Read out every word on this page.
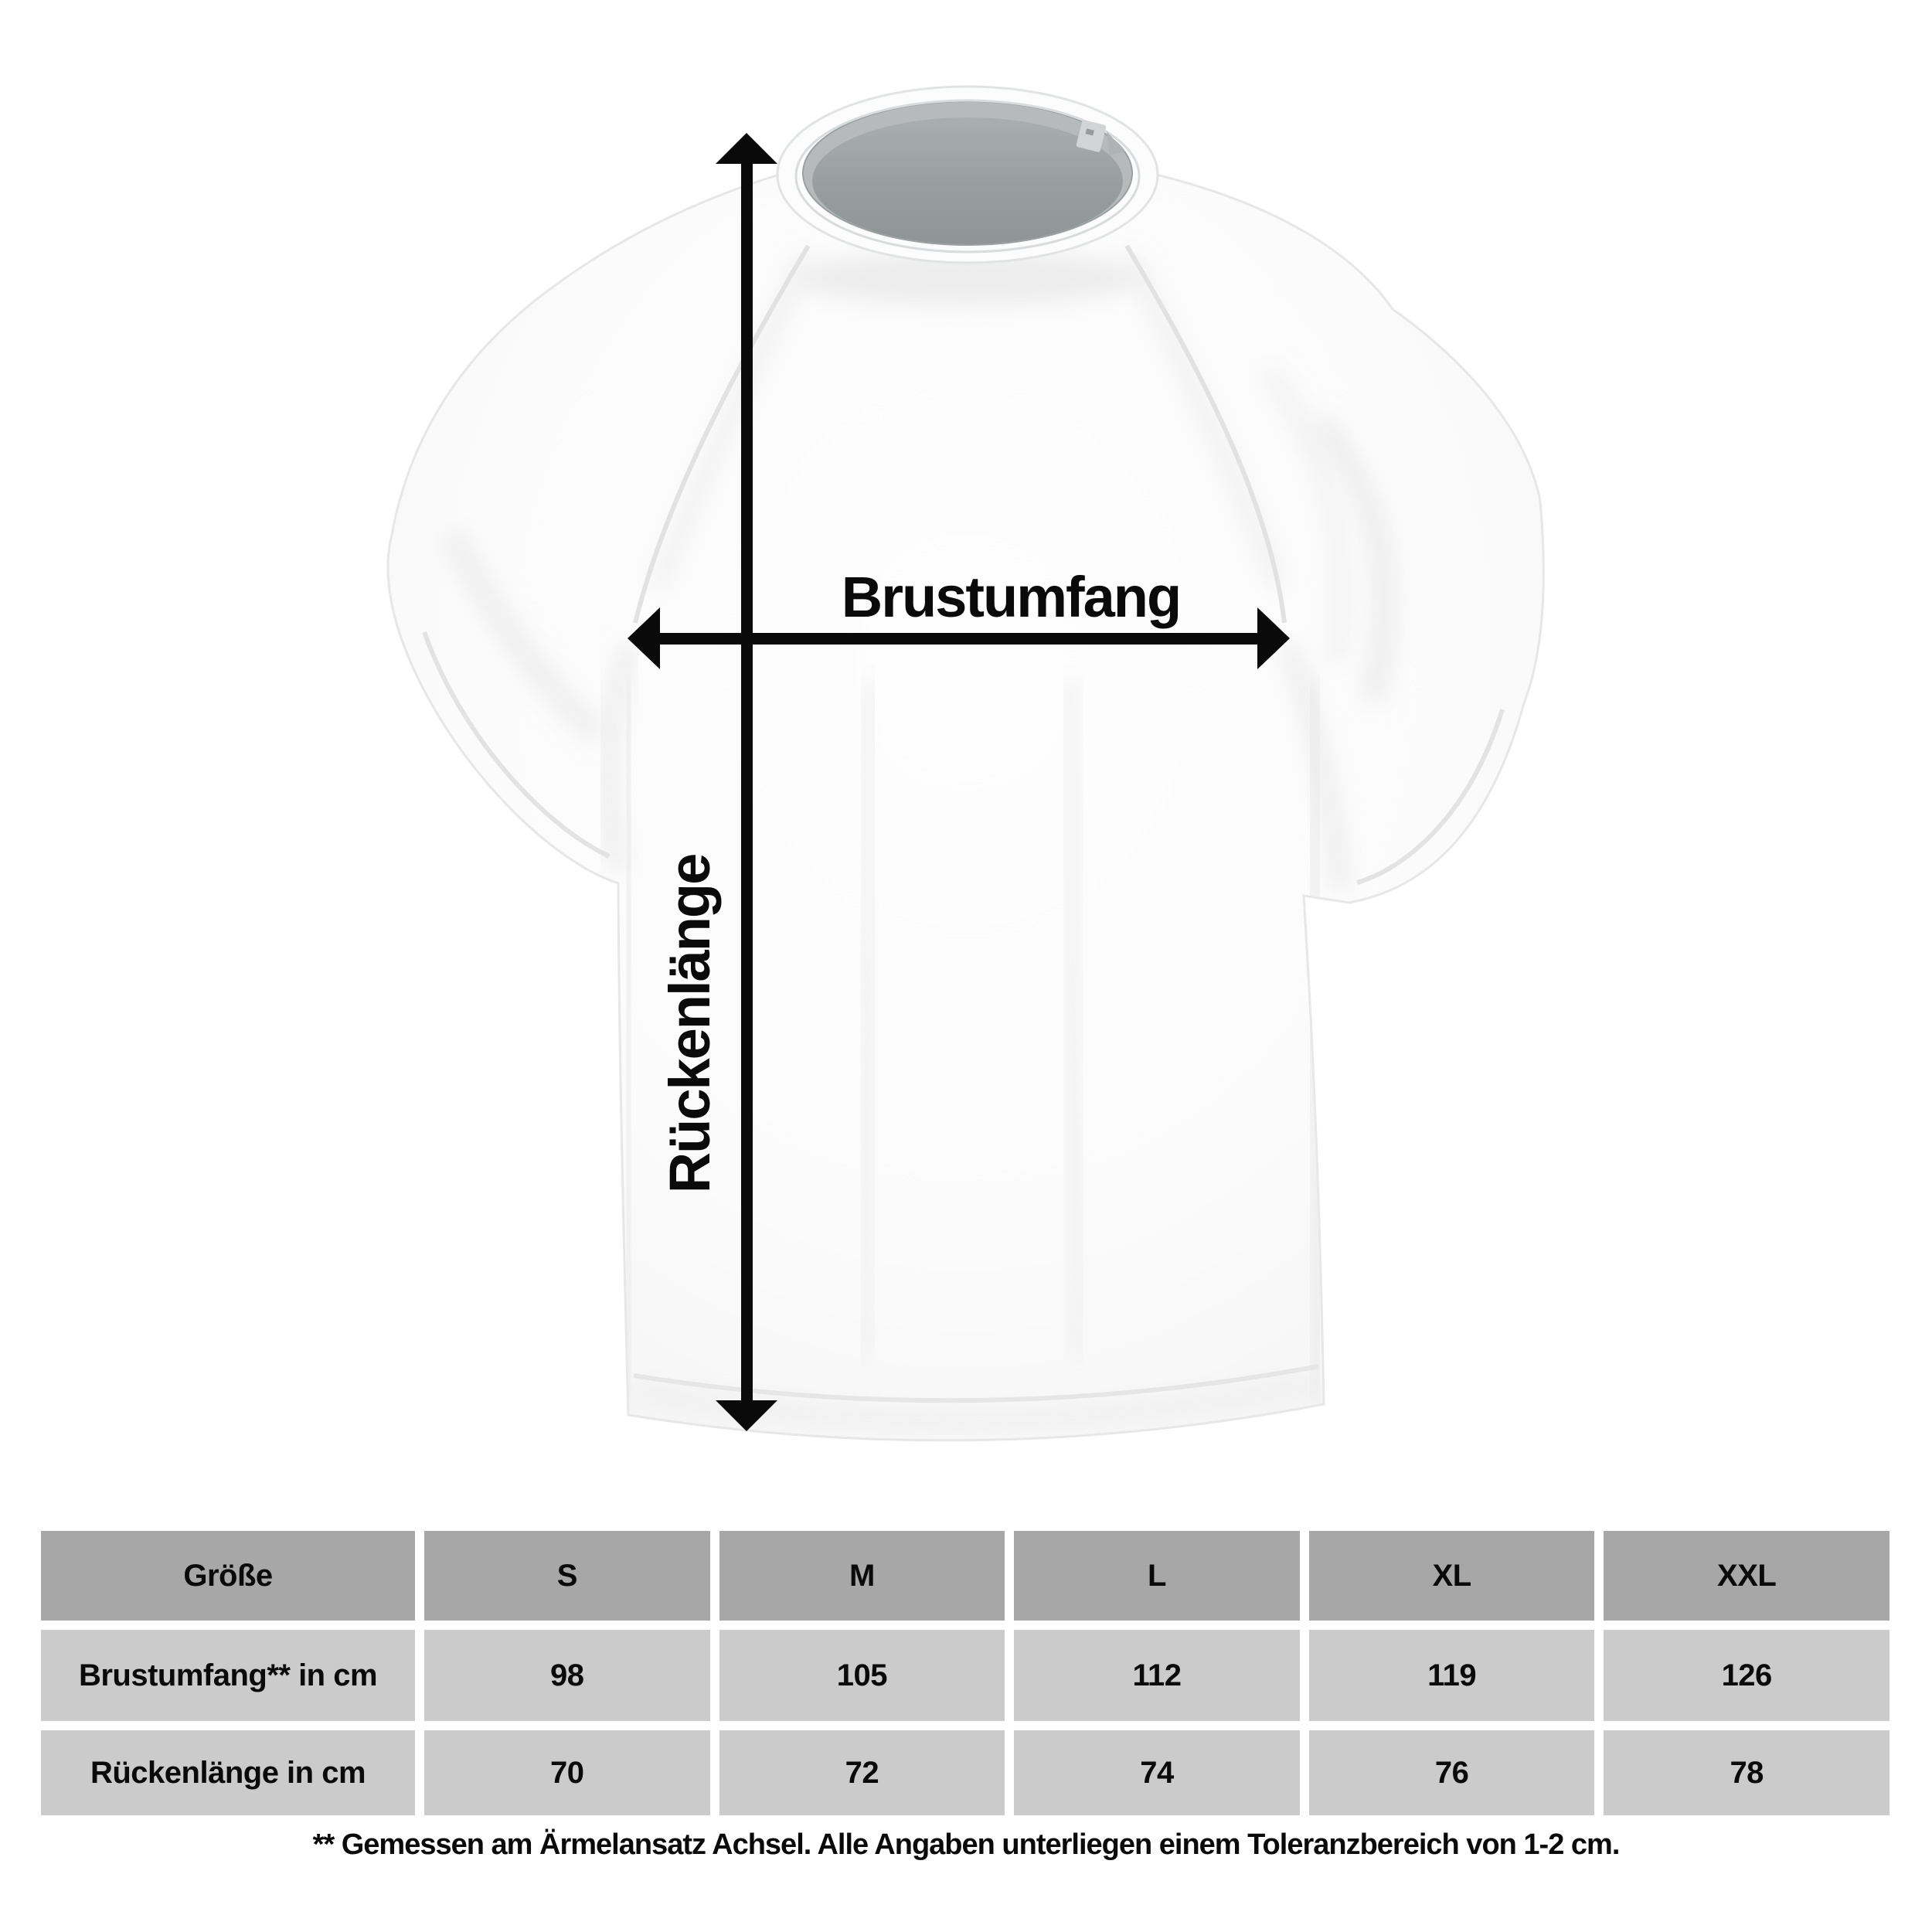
Brustumfang
Rückenlänge
Größe	S	M	L	XL	XXL
Brustumfang** in cm	98	105	112	119	126
Rückenlänge in cm	70	72	74	76	78
** Gemessen am Ärmelansatz Achsel. Alle Angaben unterliegen einem Toleranzbereich von 1-2 cm.
